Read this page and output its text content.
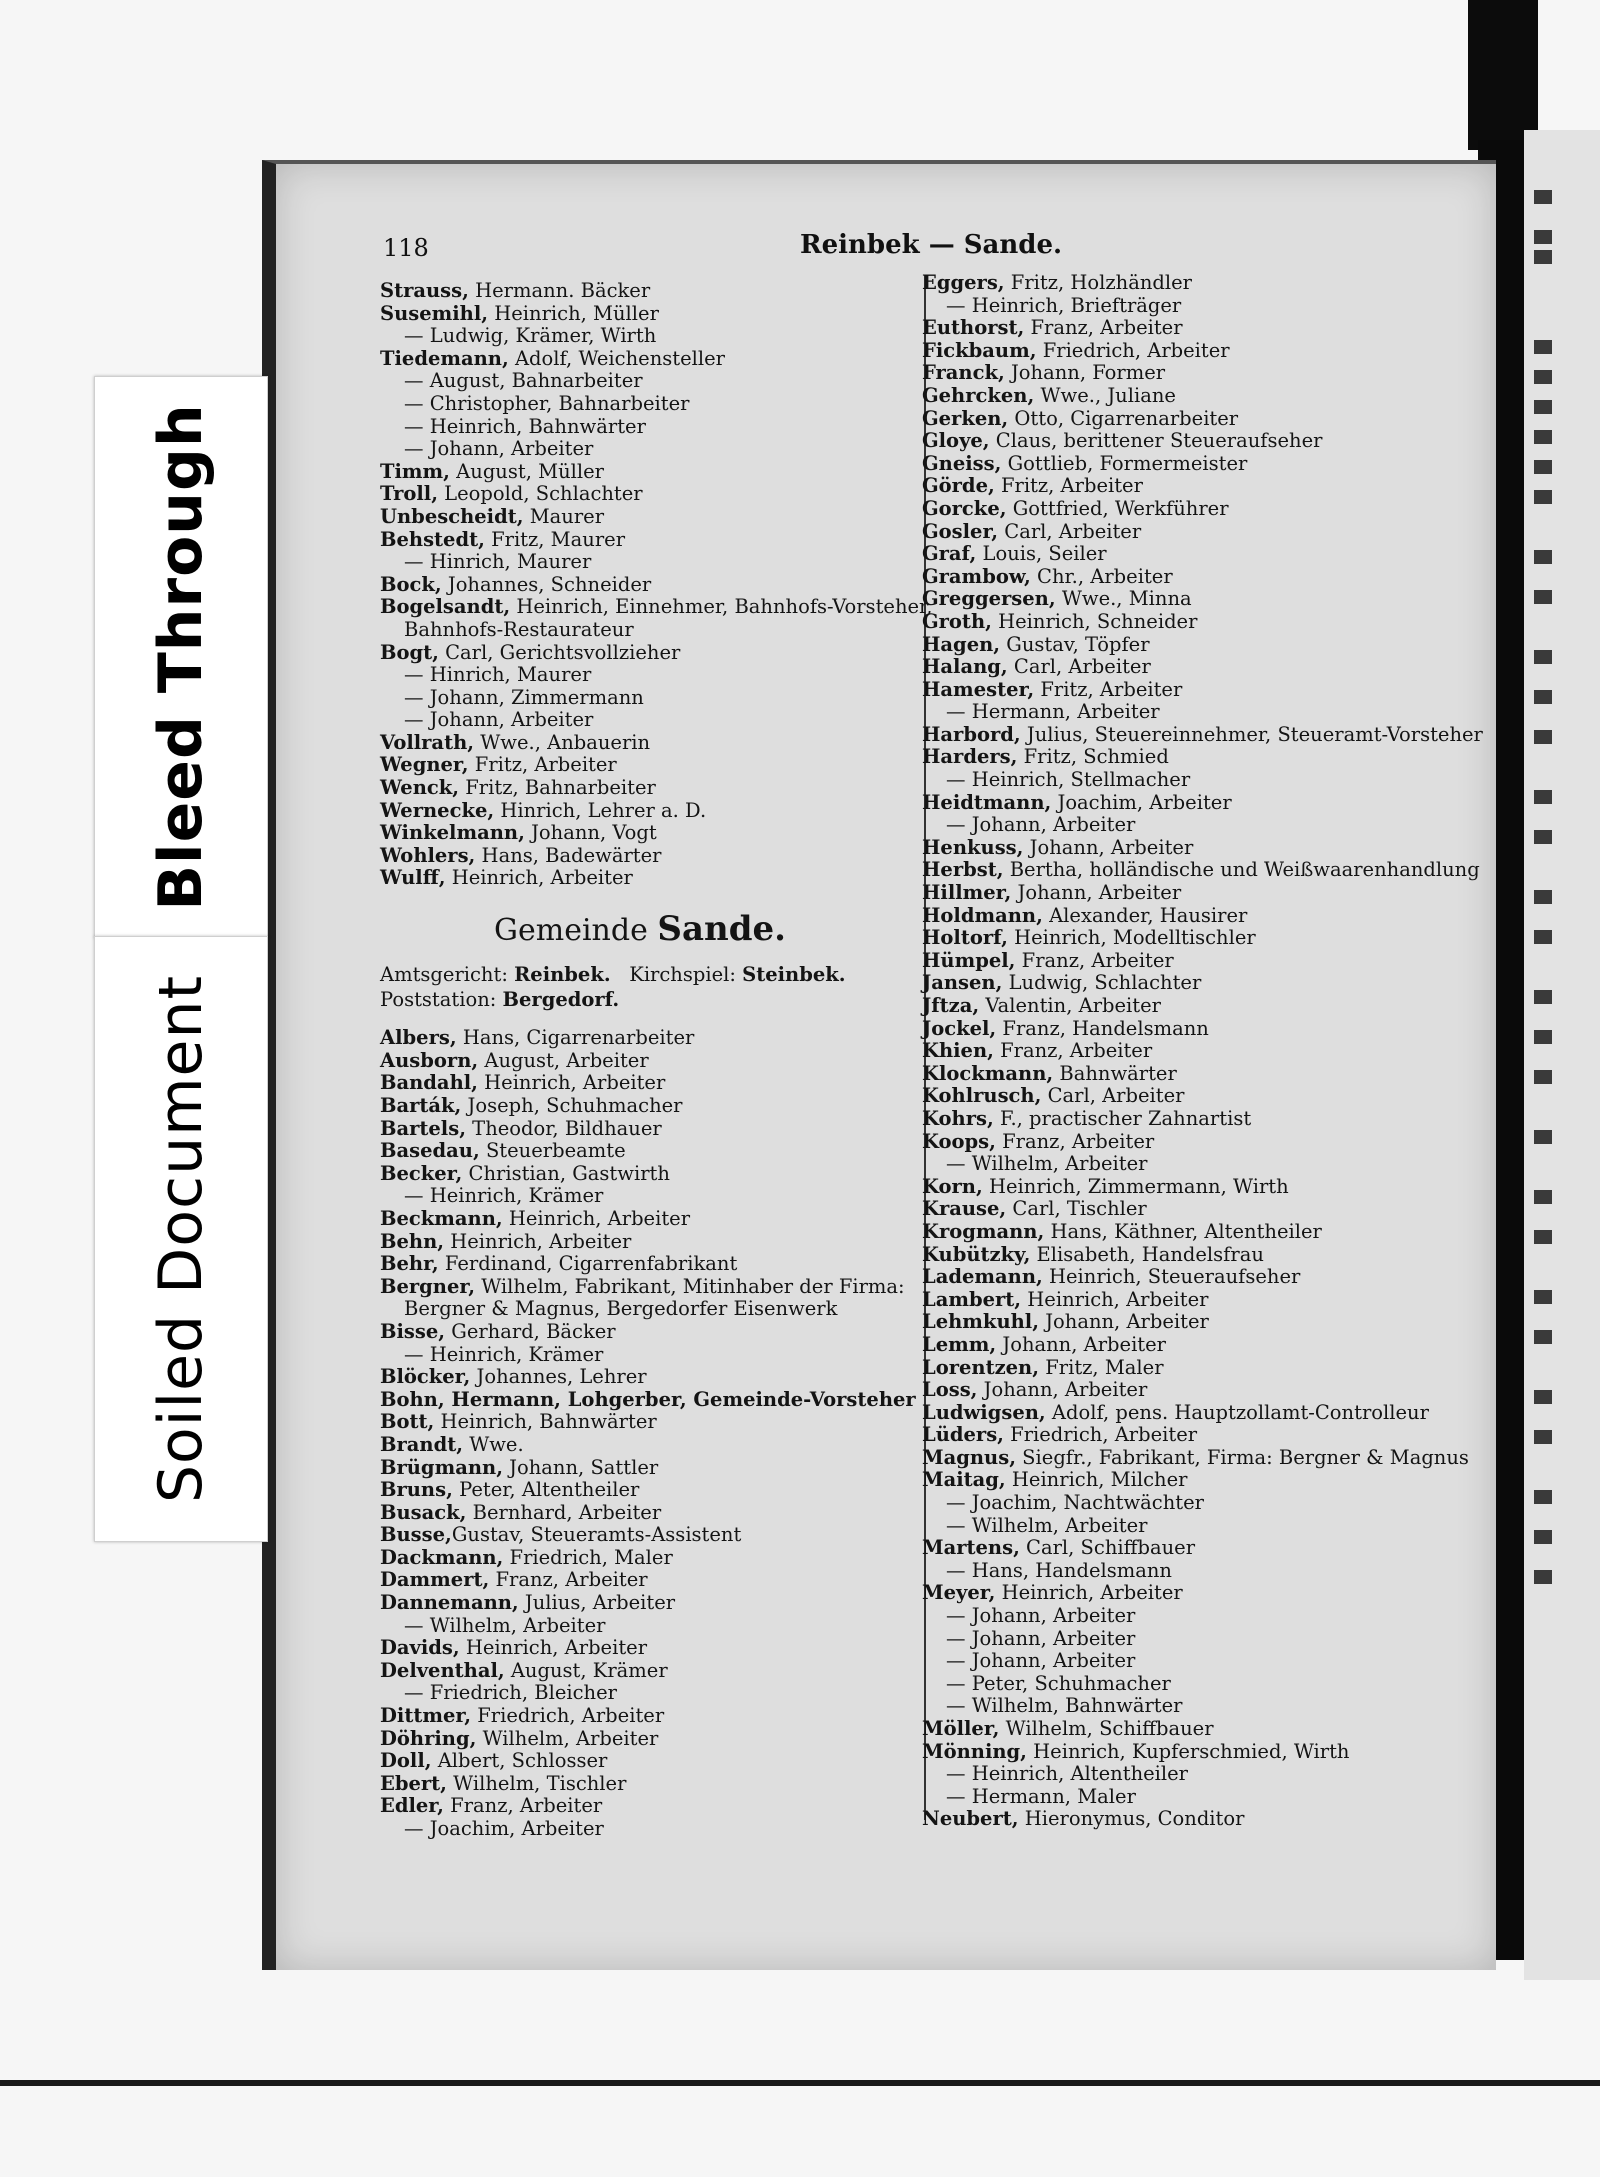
118	Reinbek — Sande.
Strauss, Hermann. Bäcker
Susemihl, Heinrich, Müller
— Ludwig, Krämer, Wirth
Tiedemann, Adolf, Weichensteller
— August, Bahnarbeiter
— Christopher, Bahnarbeiter
— Heinrich, Bahnwärter
— Johann, Arbeiter
Timm, August, Müller
Troll, Leopold, Schlachter
Unbescheidt, Maurer
Behstedt, Fritz, Maurer
— Hinrich, Maurer
Bock, Johannes, Schneider
Bogelsandt, Heinrich, Einnehmer, Bahnhofs-Vorsteher,
Bahnhofs-Restaurateur
Bogt, Carl, Gerichtsvollzieher
— Hinrich, Maurer
— Johann, Zimmermann
— Johann, Arbeiter
Vollrath, Wwe., Anbauerin
Wegner, Fritz, Arbeiter
Wenck, Fritz, Bahnarbeiter
Wernecke, Hinrich, Lehrer a. D.
Winkelmann, Johann, Vogt
Wohlers, Hans, Badewärter
Wulff, Heinrich, Arbeiter
Gemeinde Sande.
Amtsgericht: Reinbek. Kirchspiel: Steinbek.
Poststation: Bergedorf.
Albers, Hans, Cigarrenarbeiter
Ausborn, August, Arbeiter
Bandahl, Heinrich, Arbeiter
Barták, Joseph, Schuhmacher
Bartels, Theodor, Bildhauer
Basedau, Steuerbeamte
Becker, Christian, Gastwirth
— Heinrich, Krämer
Beckmann, Heinrich, Arbeiter
Behn, Heinrich, Arbeiter
Behr, Ferdinand, Cigarrenfabrikant
Bergner, Wilhelm, Fabrikant, Mitinhaber der Firma:
Bergner & Magnus, Bergedorfer Eisenwerk
Bisse, Gerhard, Bäcker
— Heinrich, Krämer
Blöcker, Johannes, Lehrer
Bohn, Hermann, Lohgerber, Gemeinde-Vorsteher
Bott, Heinrich, Bahnwärter
Brandt, Wwe.
Brügmann, Johann, Sattler
Bruns, Peter, Altentheiler
Busack, Bernhard, Arbeiter
Busse,Gustav, Steueramts-Assistent
Dackmann, Friedrich, Maler
Dammert, Franz, Arbeiter
Dannemann, Julius, Arbeiter
— Wilhelm, Arbeiter
Davids, Heinrich, Arbeiter
Delventhal, August, Krämer
— Friedrich, Bleicher
Dittmer, Friedrich, Arbeiter
Döhring, Wilhelm, Arbeiter
Doll, Albert, Schlosser
Ebert, Wilhelm, Tischler
Edler, Franz, Arbeiter
— Joachim, Arbeiter
Eggers, Fritz, Holzhändler
— Heinrich, Briefträger
Euthorst, Franz, Arbeiter
Fickbaum, Friedrich, Arbeiter
Franck, Johann, Former
Gehrcken, Wwe., Juliane
Gerken, Otto, Cigarrenarbeiter
Gloye, Claus, berittener Steueraufseher
Gneiss, Gottlieb, Formermeister
Görde, Fritz, Arbeiter
Gorcke, Gottfried, Werkführer
Gosler, Carl, Arbeiter
Graf, Louis, Seiler
Grambow, Chr., Arbeiter
Greggersen, Wwe., Minna
Groth, Heinrich, Schneider
Hagen, Gustav, Töpfer
Halang, Carl, Arbeiter
Hamester, Fritz, Arbeiter
— Hermann, Arbeiter
Harbord, Julius, Steuereinnehmer, Steueramt-Vorsteher
Harders, Fritz, Schmied
— Heinrich, Stellmacher
Heidtmann, Joachim, Arbeiter
— Johann, Arbeiter
Henkuss, Johann, Arbeiter
Herbst, Bertha, holländische und Weißwaarenhandlung
Hillmer, Johann, Arbeiter
Holdmann, Alexander, Hausirer
Holtorf, Heinrich, Modelltischler
Hümpel, Franz, Arbeiter
Jansen, Ludwig, Schlachter
Jftza, Valentin, Arbeiter
Jockel, Franz, Handelsmann
Khien, Franz, Arbeiter
Klockmann, Bahnwärter
Kohlrusch, Carl, Arbeiter
Kohrs, F., practischer Zahnartist
Koops, Franz, Arbeiter
— Wilhelm, Arbeiter
Korn, Heinrich, Zimmermann, Wirth
Krause, Carl, Tischler
Krogmann, Hans, Käthner, Altentheiler
Kubützky, Elisabeth, Handelsfrau
Lademann, Heinrich, Steueraufseher
Lambert, Heinrich, Arbeiter
Lehmkuhl, Johann, Arbeiter
Lemm, Johann, Arbeiter
Lorentzen, Fritz, Maler
Loss, Johann, Arbeiter
Ludwigsen, Adolf, pens. Hauptzollamt-Controlleur
Lüders, Friedrich, Arbeiter
Magnus, Siegfr., Fabrikant, Firma: Bergner & Magnus
Maitag, Heinrich, Milcher
— Joachim, Nachtwächter
— Wilhelm, Arbeiter
Martens, Carl, Schiffbauer
— Hans, Handelsmann
Meyer, Heinrich, Arbeiter
— Johann, Arbeiter
— Johann, Arbeiter
— Johann, Arbeiter
— Peter, Schuhmacher
— Wilhelm, Bahnwärter
Möller, Wilhelm, Schiffbauer
Mönning, Heinrich, Kupferschmied, Wirth
— Heinrich, Altentheiler
— Hermann, Maler
Neubert, Hieronymus, Conditor
Bleed Through
Soiled Document
